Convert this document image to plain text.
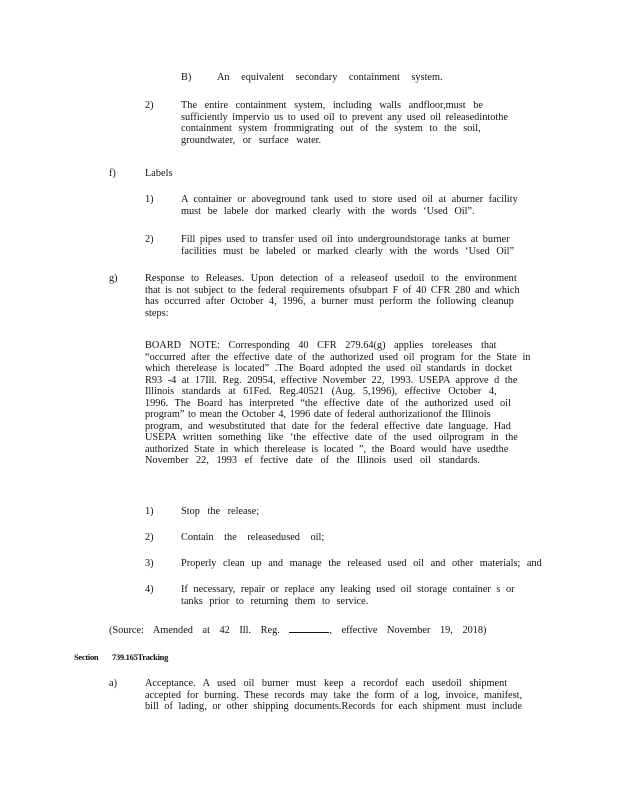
B) An equivalent secondary containment system.
2)	The entire containment system, including walls andfloor,must be
sufficiently impervio us to used oil to prevent any used oil releasedintothe
containment system frommigrating out of the system to the soil,
groundwater, or surface water.
f)	Labels
1)	A container or aboveground tank used to store used oil at aburner facility
must be labele dor marked clearly with the words ‘Used Oil”.
2)	Fill pipes used to transfer used oil into undergroundstorage tanks at burner
facilities must be labeled or marked clearly with the words ‘Used Oil”
g)	Response to Releases. Upon detection of a releaseof usedoil to the environment
that is not subject to the federal requirements ofsubpart F of 40 CFR 280 and which
has occurred after October 4, 1996, a burner must perform the following cleanup
steps:
BOARD NOTE: Corresponding 40 CFR 279.64(g) applies toreleases that
“occurred after the effective date of the authorized used oil program for the State in
which therelease is located” .The Board adopted the used oil standards in docket
R93 -4 at 17Ill. Reg. 20954, effective November 22, 1993. USEPA approve d the
Illinois standards at 61Fed. Reg.40521 (Aug. 5,1996), effective October 4,
1996. The Board has interpreted “the effective date of the authorized used oil
program” to mean the October 4, 1996 date of federal authorizationof the Illinois
program, and wesubstituted that date for the federal effective date language. Had
USEPA written something like ‘the effective date of the used oilprogram in the
authorized State in which therelease is located ”, the Board would have usedthe
November 22, 1993 ef fective date of the Illinois used oil standards.
1)	Stop the release;
2)	Contain the releasedused oil;
3)	Properly clean up and manage the released used oil and other materials; and
4)	If necessary, repair or replace any leaking used oil storage container s or
tanks prior to returning them to service.
(Source: Amended at 42 Ill. Reg.	, effective November 19, 2018)
Section 739.165Tracking
a)	Acceptance. A used oil burner must keep a recordof each usedoil shipment
accepted for burning. These records may take the form of a log, invoice, manifest,
bill of lading, or other shipping documents.Records for each shipment must include
